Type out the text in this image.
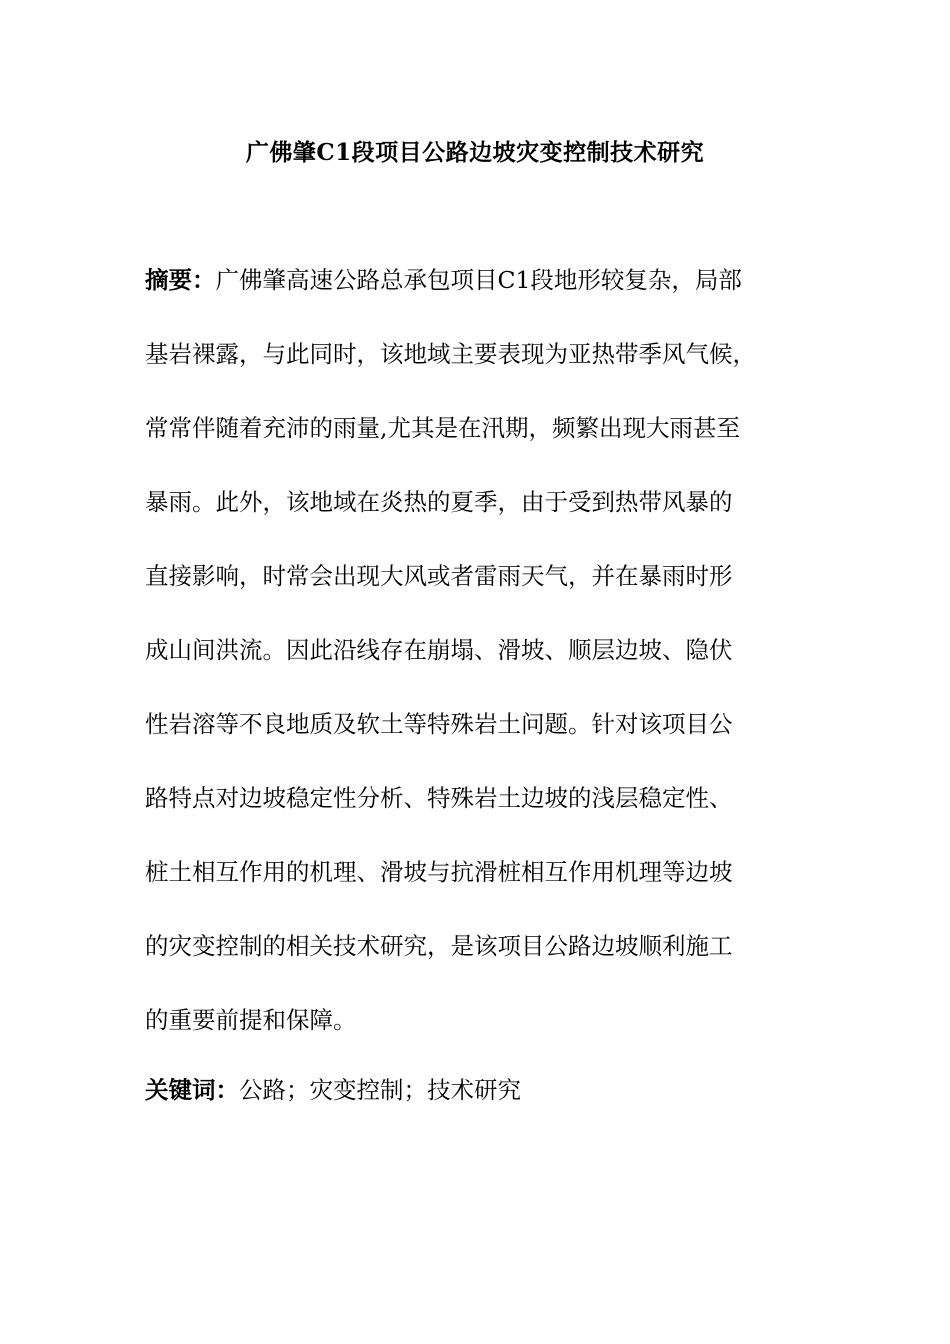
广佛肇C1段项目公路边坡灾变控制技术研究
摘要：广佛肇高速公路总承包项目C1段地形较复杂，局部
基岩裸露，与此同时，该地域主要表现为亚热带季风气候，
常常伴随着充沛的雨量,尤其是在汛期，频繁出现大雨甚至
暴雨。此外，该地域在炎热的夏季，由于受到热带风暴的
直接影响，时常会出现大风或者雷雨天气，并在暴雨时形
成山间洪流。因此沿线存在崩塌、滑坡、顺层边坡、隐伏
性岩溶等不良地质及软土等特殊岩土问题。针对该项目公
路特点对边坡稳定性分析、特殊岩土边坡的浅层稳定性、
桩土相互作用的机理、滑坡与抗滑桩相互作用机理等边坡
的灾变控制的相关技术研究，是该项目公路边坡顺利施工
的重要前提和保障。
关键词：公路；灾变控制；技术研究
